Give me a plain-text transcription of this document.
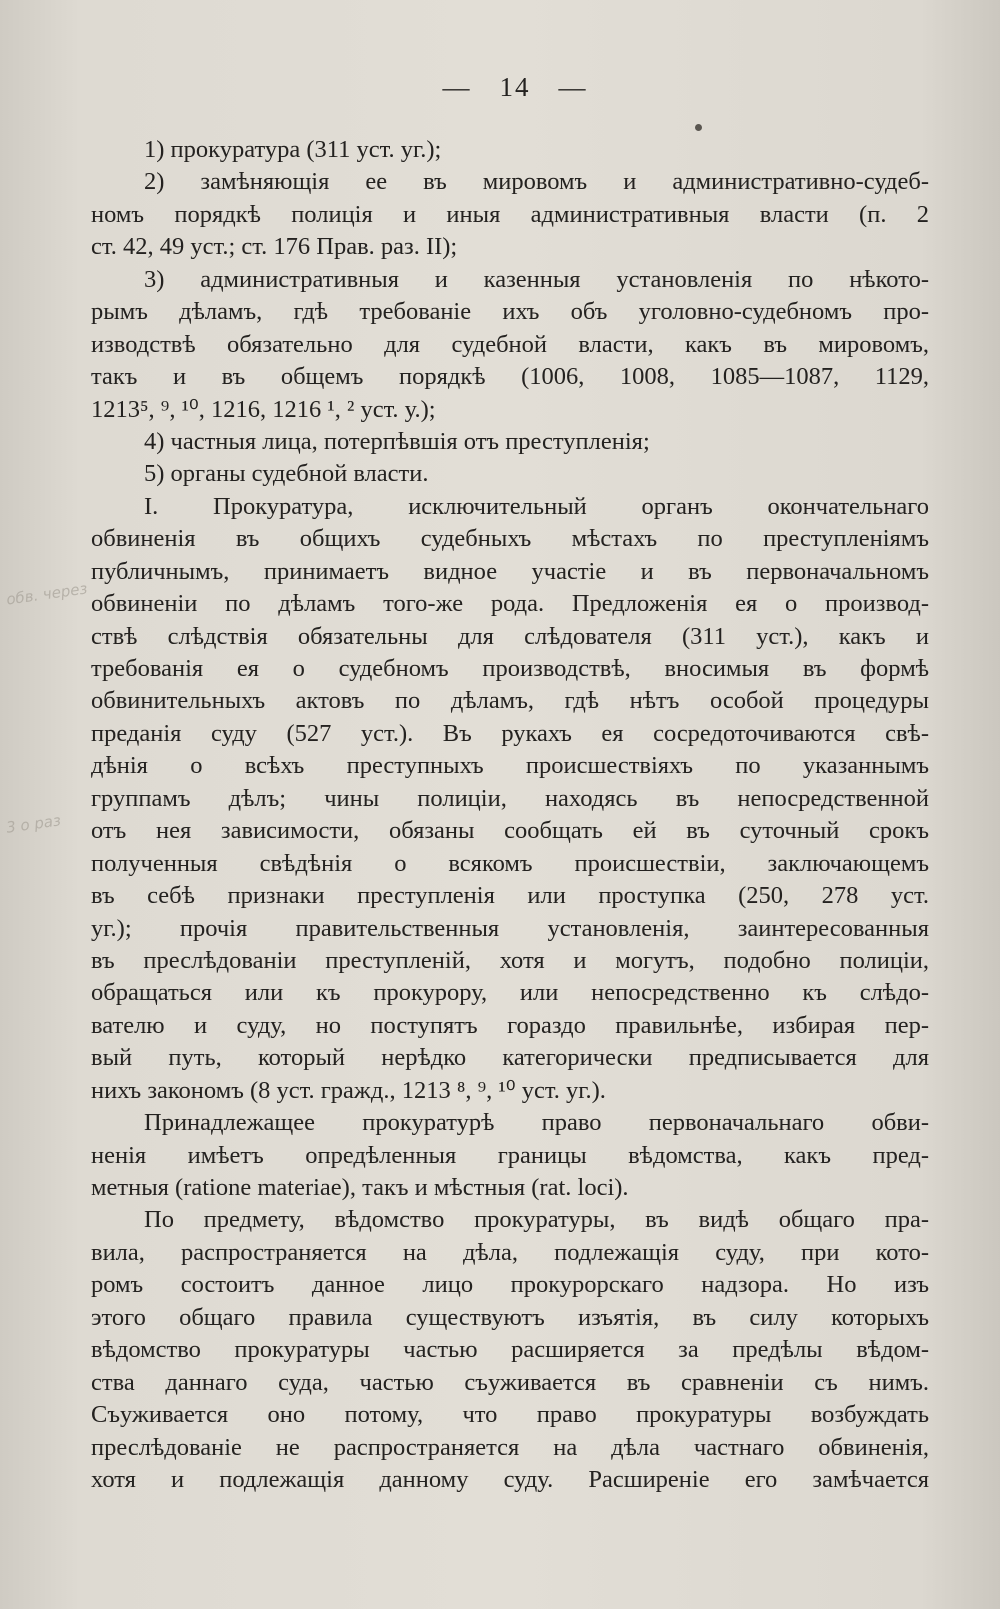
— 14 —
обв. через
3 о раз
1) прокуратура (311 уст. уг.);
2) замѣняющія ее въ мировомъ и административно-судеб-
номъ порядкѣ полиція и иныя административныя власти (п. 2
ст. 42, 49 уст.; ст. 176 Прав. раз. II);
3) административныя и казенныя установленія по нѣкото-
рымъ дѣламъ, гдѣ требованіе ихъ объ уголовно-судебномъ про-
изводствѣ обязательно для судебной власти, какъ въ мировомъ,
такъ и въ общемъ порядкѣ (1006, 1008, 1085—1087, 1129,
1213⁵, ⁹, ¹⁰, 1216, 1216 ¹, ² уст. у.);
4) частныя лица, потерпѣвшія отъ преступленія;
5) органы судебной власти.
I. Прокуратура, исключительный органъ окончательнаго
обвиненія въ общихъ судебныхъ мѣстахъ по преступленіямъ
публичнымъ, принимаетъ видное участіе и въ первоначальномъ
обвиненіи по дѣламъ того-же рода. Предложенія ея о производ-
ствѣ слѣдствія обязательны для слѣдователя (311 уст.), какъ и
требованія ея о судебномъ производствѣ, вносимыя въ формѣ
обвинительныхъ актовъ по дѣламъ, гдѣ нѣтъ особой процедуры
преданія суду (527 уст.). Въ рукахъ ея сосредоточиваются свѣ-
дѣнія о всѣхъ преступныхъ происшествіяхъ по указаннымъ
группамъ дѣлъ; чины полиціи, находясь въ непосредственной
отъ нея зависимости, обязаны сообщать ей въ суточный срокъ
полученныя свѣдѣнія о всякомъ происшествіи, заключающемъ
въ себѣ признаки преступленія или проступка (250, 278 уст.
уг.); прочія правительственныя установленія, заинтересованныя
въ преслѣдованіи преступленій, хотя и могутъ, подобно полиціи,
обращаться или къ прокурору, или непосредственно къ слѣдо-
вателю и суду, но поступятъ гораздо правильнѣе, избирая пер-
вый путь, который нерѣдко категорически предписывается для
нихъ закономъ (8 уст. гражд., 1213 ⁸, ⁹, ¹⁰ уст. уг.).
Принадлежащее прокуратурѣ право первоначальнаго обви-
ненія имѣетъ опредѣленныя границы вѣдомства, какъ пред-
метныя (ratione materiae), такъ и мѣстныя (rat. loci).
По предмету, вѣдомство прокуратуры, въ видѣ общаго пра-
вила, распространяется на дѣла, подлежащія суду, при кото-
ромъ состоитъ данное лицо прокурорскаго надзора. Но изъ
этого общаго правила существуютъ изъятія, въ силу которыхъ
вѣдомство прокуратуры частью расширяется за предѣлы вѣдом-
ства даннаго суда, частью съуживается въ сравненіи съ нимъ.
Съуживается оно потому, что право прокуратуры возбуждать
преслѣдованіе не распространяется на дѣла частнаго обвиненія,
хотя и подлежащія данному суду. Расширеніе его замѣчается
